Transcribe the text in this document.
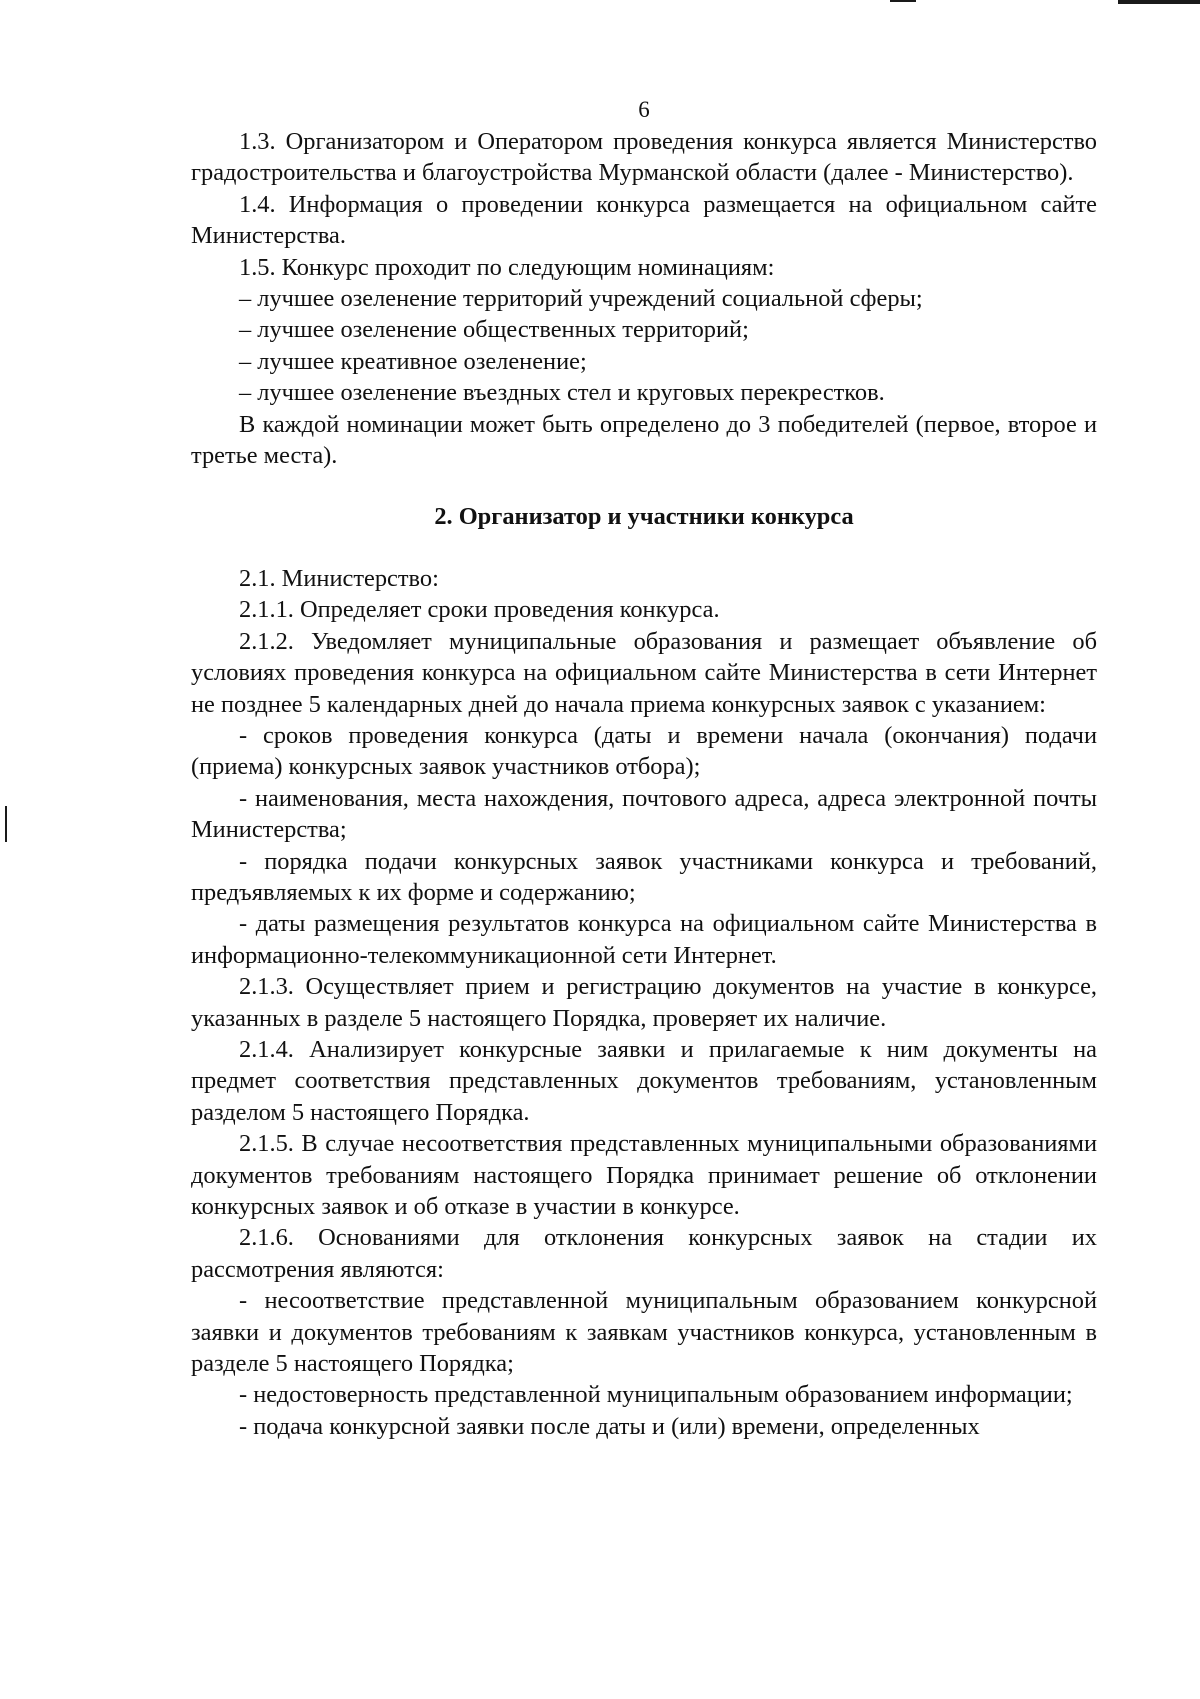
6

1.3. Организатором и Оператором проведения конкурса является Министерство градостроительства и благоустройства Мурманской области (далее - Министерство).

1.4. Информация о проведении конкурса размещается на официальном сайте Министерства.

1.5. Конкурс проходит по следующим номинациям:

– лучшее озеленение территорий учреждений социальной сферы;

– лучшее озеленение общественных территорий;

– лучшее креативное озеленение;

– лучшее озеленение въездных стел и круговых перекрестков.

В каждой номинации может быть определено до 3 победителей (первое, второе и третье места).

2. Организатор и участники конкурса

2.1. Министерство:

2.1.1. Определяет сроки проведения конкурса.

2.1.2. Уведомляет муниципальные образования и размещает объявление об условиях проведения конкурса на официальном сайте Министерства в сети Интернет не позднее 5 календарных дней до начала приема конкурсных заявок с указанием:

- сроков проведения конкурса (даты и времени начала (окончания) подачи (приема) конкурсных заявок участников отбора);

- наименования, места нахождения, почтового адреса, адреса электронной почты Министерства;

- порядка подачи конкурсных заявок участниками конкурса и требований, предъявляемых к их форме и содержанию;

- даты размещения результатов конкурса на официальном сайте Министерства в информационно-телекоммуникационной сети Интернет.

2.1.3. Осуществляет прием и регистрацию документов на участие в конкурсе, указанных в разделе 5 настоящего Порядка, проверяет их наличие.

2.1.4. Анализирует конкурсные заявки и прилагаемые к ним документы на предмет соответствия представленных документов требованиям, установленным разделом 5 настоящего Порядка.

2.1.5. В случае несоответствия представленных муниципальными образованиями документов требованиям настоящего Порядка принимает решение об отклонении конкурсных заявок и об отказе в участии в конкурсе.

2.1.6. Основаниями для отклонения конкурсных заявок на стадии их рассмотрения являются:

- несоответствие представленной муниципальным образованием конкурсной заявки и документов требованиям к заявкам участников конкурса, установленным в разделе 5 настоящего Порядка;

- недостоверность представленной муниципальным образованием информации;

- подача конкурсной заявки после даты и (или) времени, определенных
